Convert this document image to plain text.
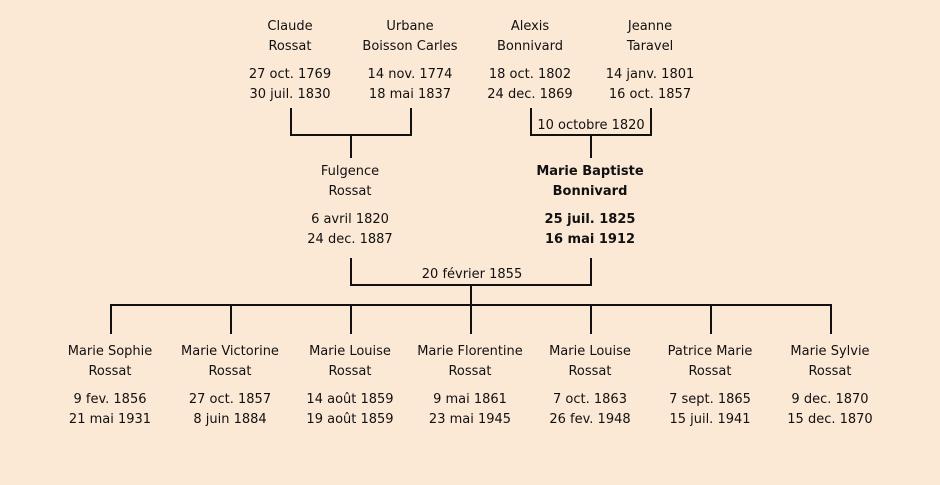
Claude
Rossat
27 oct. 1769
30 juil. 1830
Urbane
Boisson Carles
14 nov. 1774
18 mai 1837
Alexis
Bonnivard
18 oct. 1802
24 dec. 1869
Jeanne
Taravel
14 janv. 1801
16 oct. 1857
10 octobre 1820
Fulgence
Rossat
6 avril 1820
24 dec. 1887
Marie Baptiste
Bonnivard
25 juil. 1825
16 mai 1912
20 février 1855
Marie Sophie
Rossat
9 fev. 1856
21 mai 1931
Marie Victorine
Rossat
27 oct. 1857
8 juin 1884
Marie Louise
Rossat
14 août 1859
19 août 1859
Marie Florentine
Rossat
9 mai 1861
23 mai 1945
Marie Louise
Rossat
7 oct. 1863
26 fev. 1948
Patrice Marie
Rossat
7 sept. 1865
15 juil. 1941
Marie Sylvie
Rossat
9 dec. 1870
15 dec. 1870
